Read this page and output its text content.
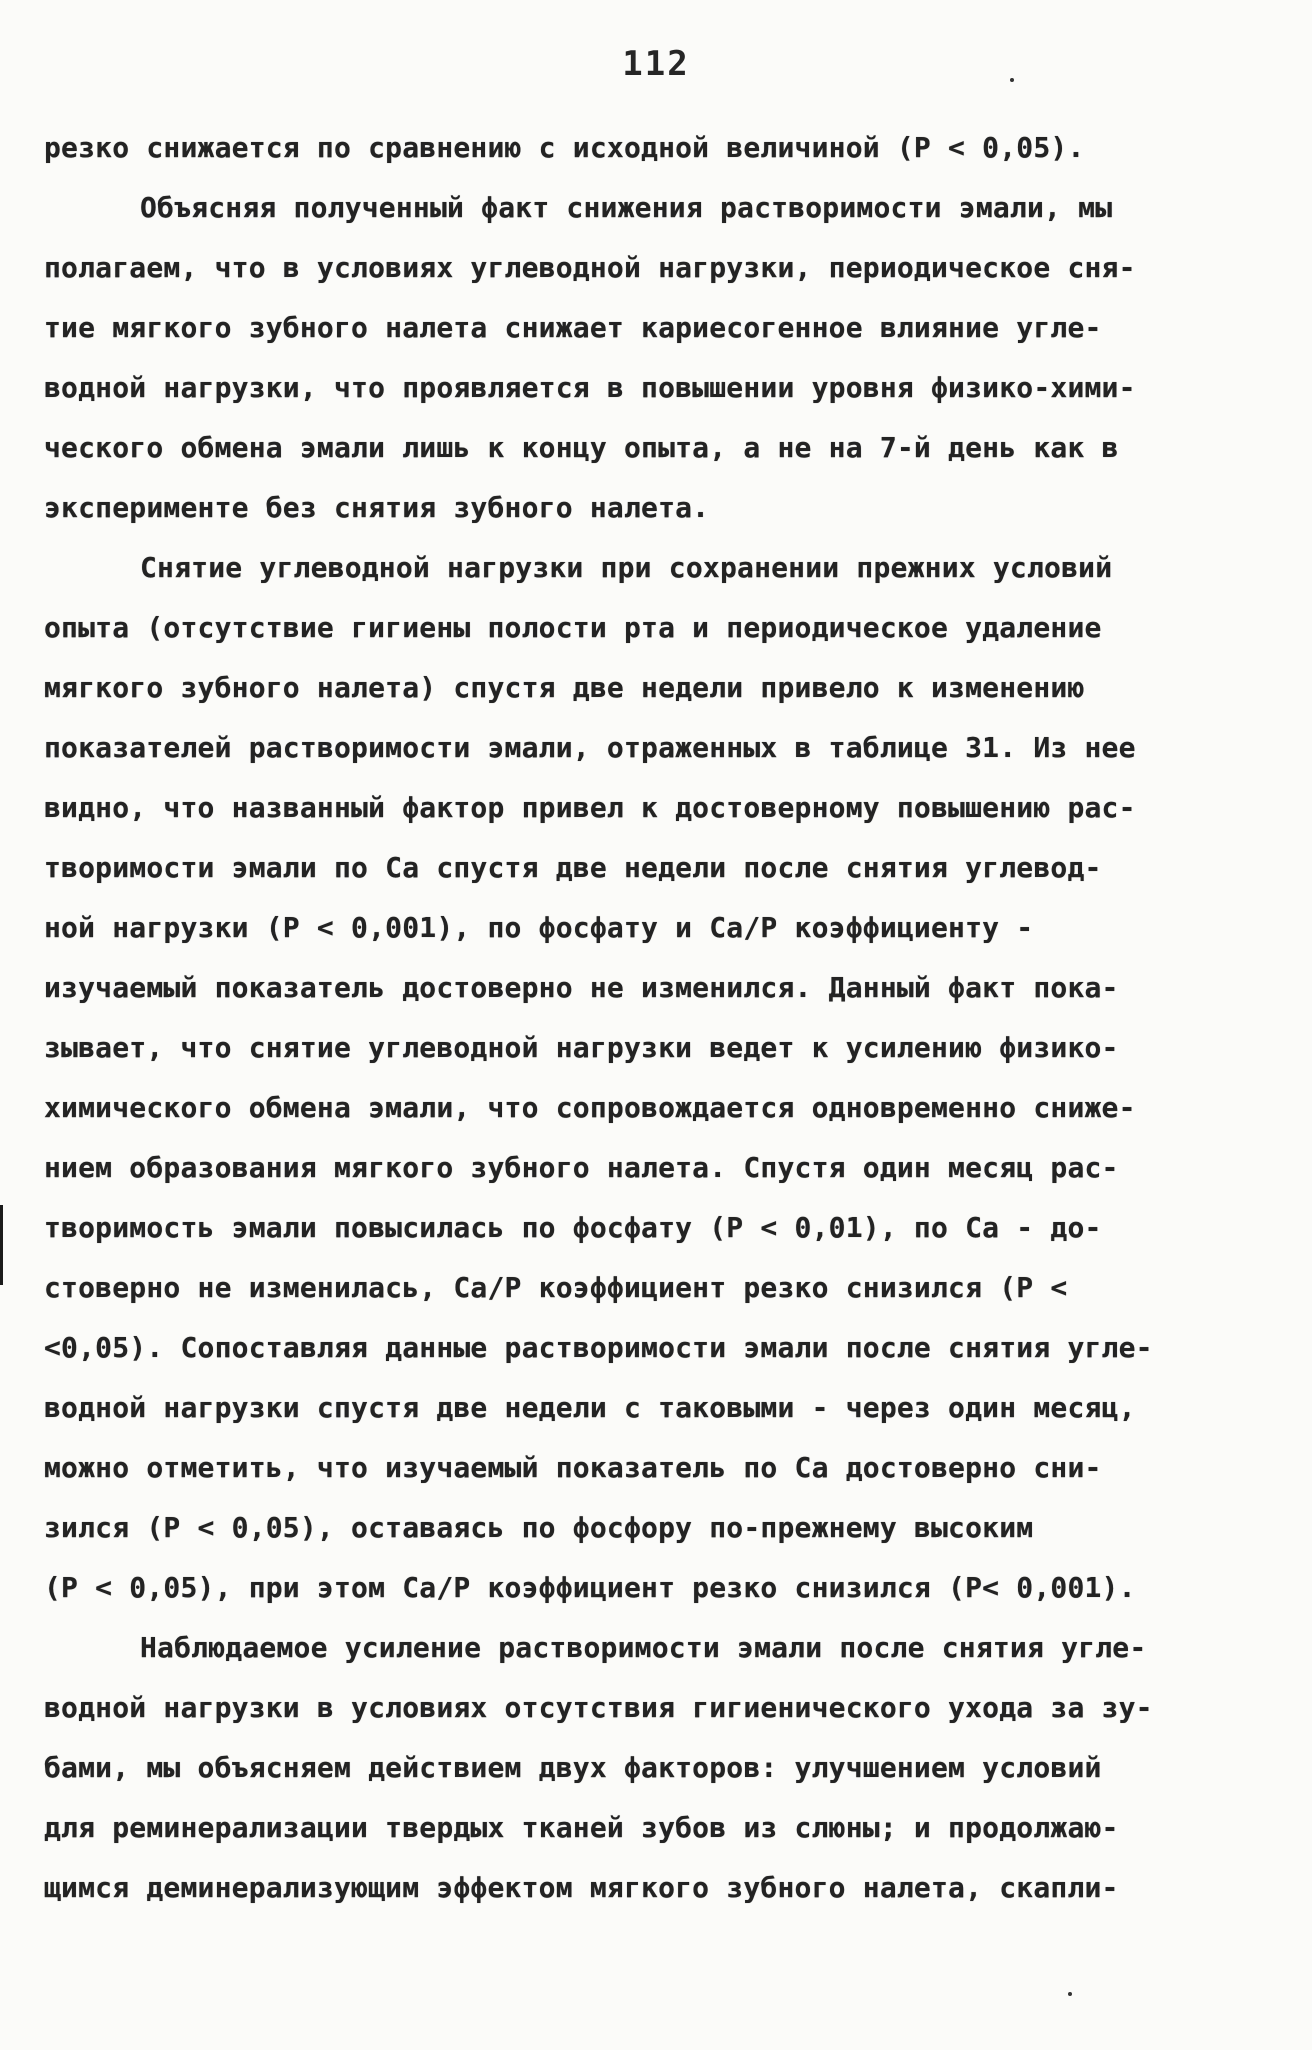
112
резко снижается по сравнению с исходной величиной (P < 0,05).
Объясняя полученный факт снижения растворимости эмали, мы
полагаем, что в условиях углеводной нагрузки, периодическое сня-
тие мягкого зубного налета снижает кариесогенное влияние угле-
водной нагрузки, что проявляется в повышении уровня физико-хими-
ческого обмена эмали лишь к концу опыта, а не на 7-й день как в
эксперименте без снятия зубного налета.
Снятие углеводной нагрузки при сохранении прежних условий
опыта (отсутствие гигиены полости рта и периодическое удаление
мягкого зубного налета) спустя две недели привело к изменению
показателей растворимости эмали, отраженных в таблице 31. Из нее
видно, что названный фактор привел к достоверному повышению рас-
творимости эмали по Ca спустя две недели после снятия углевод-
ной нагрузки (P < 0,001), по фосфату и Ca/P коэффициенту -
изучаемый показатель достоверно не изменился. Данный факт пока-
зывает, что снятие углеводной нагрузки ведет к усилению физико-
химического обмена эмали, что сопровождается одновременно сниже-
нием образования мягкого зубного налета. Спустя один месяц рас-
творимость эмали повысилась по фосфату (P < 0,01), по Ca - до-
стоверно не изменилась, Ca/P коэффициент резко снизился (P <
<0,05). Сопоставляя данные растворимости эмали после снятия угле-
водной нагрузки спустя две недели с таковыми - через один месяц,
можно отметить, что изучаемый показатель по Ca достоверно сни-
зился (P < 0,05), оставаясь по фосфору по-прежнему высоким
(P < 0,05), при этом Ca/P коэффициент резко снизился (P< 0,001).
Наблюдаемое усиление растворимости эмали после снятия угле-
водной нагрузки в условиях отсутствия гигиенического ухода за зу-
бами, мы объясняем действием двух факторов: улучшением условий
для реминерализации твердых тканей зубов из слюны; и продолжаю-
щимся деминерализующим эффектом мягкого зубного налета, скапли-
